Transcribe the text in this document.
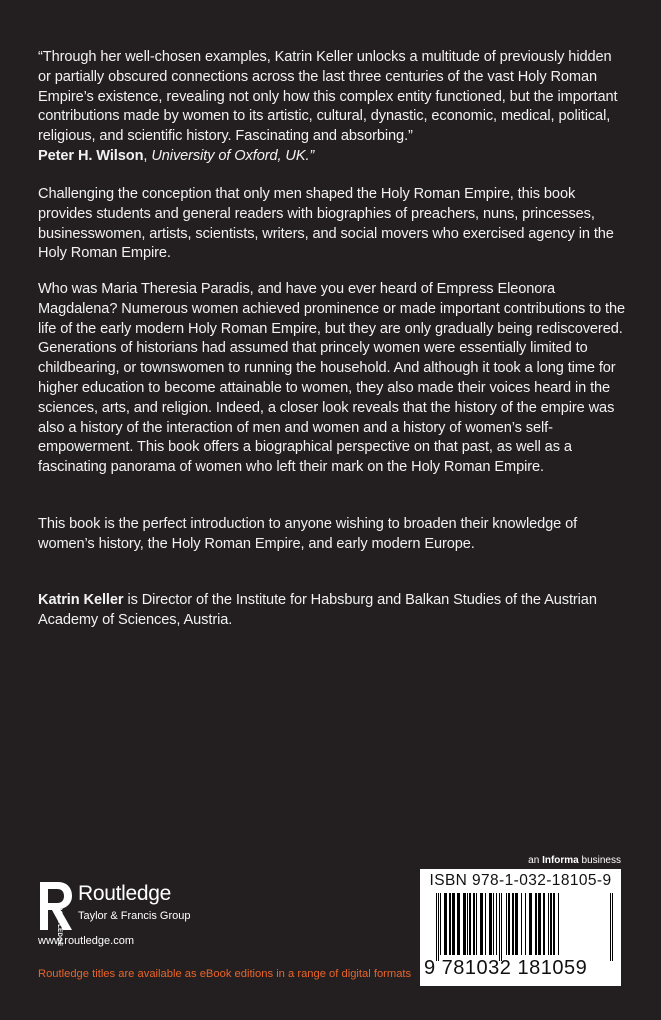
“Through her well-chosen examples, Katrin Keller unlocks a multitude of previously hidden or partially obscured connections across the last three centuries of the vast Holy Roman Empire’s existence, revealing not only how this complex entity functioned, but the important contributions made by women to its artistic, cultural, dynastic, economic, medical, political, religious, and scientific history. Fascinating and absorbing.”
Peter H. Wilson, University of Oxford, UK.”

Challenging the conception that only men shaped the Holy Roman Empire, this book provides students and general readers with biographies of preachers, nuns, princesses, businesswomen, artists, scientists, writers, and social movers who exercised agency in the Holy Roman Empire.

Who was Maria Theresia Paradis, and have you ever heard of Empress Eleonora Magdalena? Numerous women achieved prominence or made important contributions to the life of the early modern Holy Roman Empire, but they are only gradually being rediscovered. Generations of historians had assumed that princely women were essentially limited to childbearing, or townswomen to running the household. And although it took a long time for higher education to become attainable to women, they also made their voices heard in the sciences, arts, and religion. Indeed, a closer look reveals that the history of the empire was also a history of the interaction of men and women and a history of women’s self-empowerment. This book offers a biographical perspective on that past, as well as a fascinating panorama of women who left their mark on the Holy Roman Empire.

This book is the perfect introduction to anyone wishing to broaden their knowledge of women’s history, the Holy Roman Empire, and early modern Europe.

Katrin Keller is Director of the Institute for Habsburg and Balkan Studies of the Austrian Academy of Sciences, Austria.

an Informa business
ISBN 978-1-032-18105-9
9 781032 181059
ROUTLEDGE
Routledge
Taylor & Francis Group
www.routledge.com
Routledge titles are available as eBook editions in a range of digital formats
